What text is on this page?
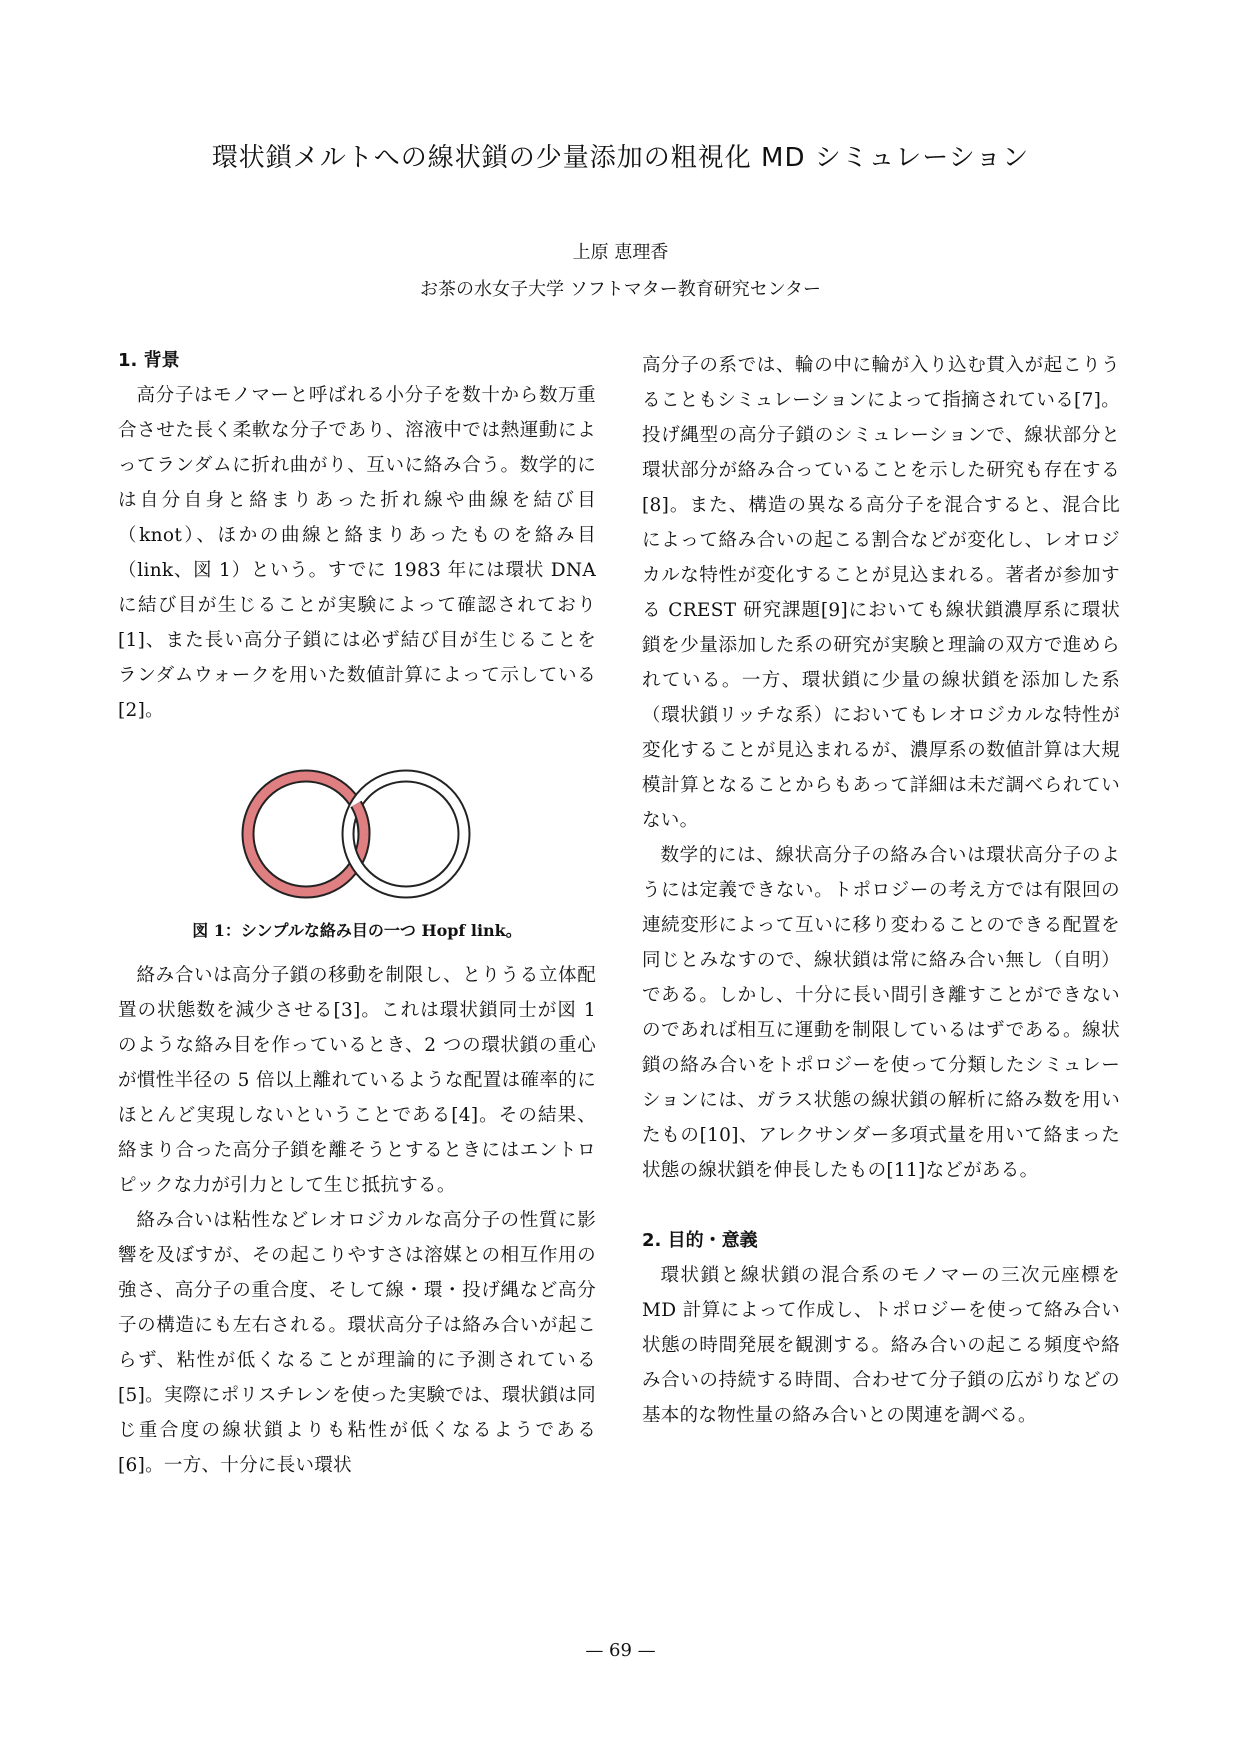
環状鎖メルトへの線状鎖の少量添加の粗視化 MD シミュレーション
上原 恵理香
お茶の水女子大学 ソフトマター教育研究センター
1. 背景

高分子はモノマーと呼ばれる小分子を数十から数万重合させた長く柔軟な分子であり、溶液中では熱運動によってランダムに折れ曲がり、互いに絡み合う。数学的には自分自身と絡まりあった折れ線や曲線を結び目（knot）、ほかの曲線と絡まりあったものを絡み目（link、図 1）という。すでに 1983 年には環状 DNA に結び目が生じることが実験によって確認されており[1]、また長い高分子鎖には必ず結び目が生じることをランダムウォークを用いた数値計算によって示している[2]。

図 1：シンプルな絡み目の一つ Hopf link。

絡み合いは高分子鎖の移動を制限し、とりうる立体配置の状態数を減少させる[3]。これは環状鎖同士が図 1 のような絡み目を作っているとき、2 つの環状鎖の重心が慣性半径の 5 倍以上離れているような配置は確率的にほとんど実現しないということである[4]。その結果、絡まり合った高分子鎖を離そうとするときにはエントロピックな力が引力として生じ抵抗する。

絡み合いは粘性などレオロジカルな高分子の性質に影響を及ぼすが、その起こりやすさは溶媒との相互作用の強さ、高分子の重合度、そして線・環・投げ縄など高分子の構造にも左右される。環状高分子は絡み合いが起こらず、粘性が低くなることが理論的に予測されている[5]。実際にポリスチレンを使った実験では、環状鎖は同じ重合度の線状鎖よりも粘性が低くなるようである[6]。一方、十分に長い環状

高分子の系では、輪の中に輪が入り込む貫入が起こりうることもシミュレーションによって指摘されている[7]。投げ縄型の高分子鎖のシミュレーションで、線状部分と環状部分が絡み合っていることを示した研究も存在する[8]。また、構造の異なる高分子を混合すると、混合比によって絡み合いの起こる割合などが変化し、レオロジカルな特性が変化することが見込まれる。著者が参加する CREST 研究課題[9]においても線状鎖濃厚系に環状鎖を少量添加した系の研究が実験と理論の双方で進められている。一方、環状鎖に少量の線状鎖を添加した系（環状鎖リッチな系）においてもレオロジカルな特性が変化することが見込まれるが、濃厚系の数値計算は大規模計算となることからもあって詳細は未だ調べられていない。

数学的には、線状高分子の絡み合いは環状高分子のようには定義できない。トポロジーの考え方では有限回の連続変形によって互いに移り変わることのできる配置を同じとみなすので、線状鎖は常に絡み合い無し（自明）である。しかし、十分に長い間引き離すことができないのであれば相互に運動を制限しているはずである。線状鎖の絡み合いをトポロジーを使って分類したシミュレーションには、ガラス状態の線状鎖の解析に絡み数を用いたもの[10]、アレクサンダー多項式量を用いて絡まった状態の線状鎖を伸長したもの[11]などがある。

2. 目的・意義

環状鎖と線状鎖の混合系のモノマーの三次元座標を MD 計算によって作成し、トポロジーを使って絡み合い状態の時間発展を観測する。絡み合いの起こる頻度や絡み合いの持続する時間、合わせて分子鎖の広がりなどの基本的な物性量の絡み合いとの関連を調べる。

— 69 —
